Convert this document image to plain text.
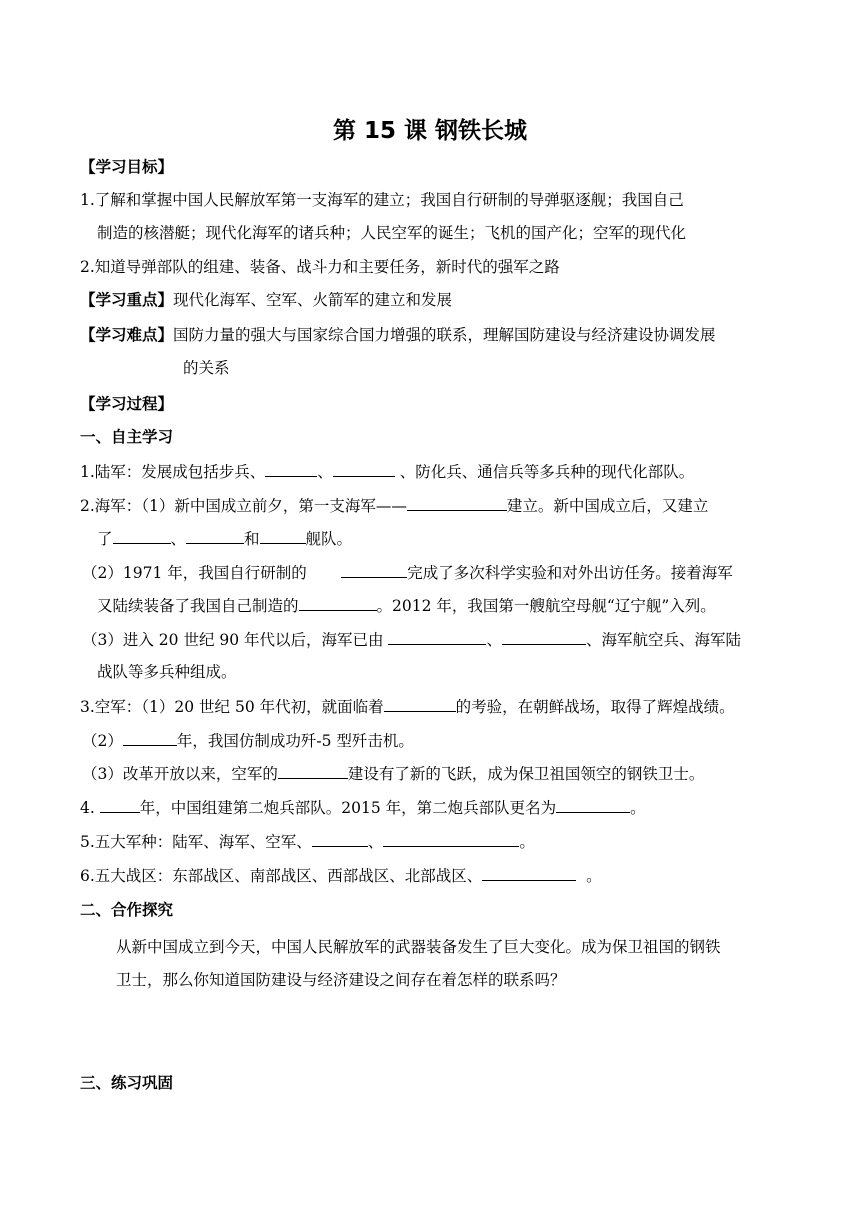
第 15 课 钢铁长城
【学习目标】
1.了解和掌握中国人民解放军第一支海军的建立；我国自行研制的导弹驱逐舰；我国自己
制造的核潜艇；现代化海军的诸兵种；人民空军的诞生；飞机的国产化；空军的现代化
2.知道导弹部队的组建、装备、战斗力和主要任务，新时代的强军之路
【学习重点】现代化海军、空军、火箭军的建立和发展
【学习难点】国防力量的强大与国家综合国力增强的联系，理解国防建设与经济建设协调发展
的关系
【学习过程】
一、自主学习
1.陆军：发展成包括步兵、	、	、防化兵、通信兵等多兵种的现代化部队。
2.海军：（1）新中国成立前夕，第一支海军——	建立。新中国成立后，又建立
了	、	和	舰队。
（2）1971 年，我国自行研制的	完成了多次科学实验和对外出访任务。接着海军
又陆续装备了我国自己制造的	。2012 年，我国第一艘航空母舰“辽宁舰”入列。
（3）进入 20 世纪 90 年代以后，海军已由	、	、海军航空兵、海军陆
战队等多兵种组成。
3.空军：（1）20 世纪 50 年代初，就面临着	的考验，在朝鲜战场，取得了辉煌战绩。
（2）	年，我国仿制成功歼-5 型歼击机。
（3）改革开放以来，空军的	建设有了新的飞跃，成为保卫祖国领空的钢铁卫士。
4.	年，中国组建第二炮兵部队。2015 年，第二炮兵部队更名为	。
5.五大军种：陆军、海军、空军、	、	。
6.五大战区：东部战区、南部战区、西部战区、北部战区、	。
二、合作探究
从新中国成立到今天，中国人民解放军的武器装备发生了巨大变化。成为保卫祖国的钢铁
卫士，那么你知道国防建设与经济建设之间存在着怎样的联系吗？
三、练习巩固
